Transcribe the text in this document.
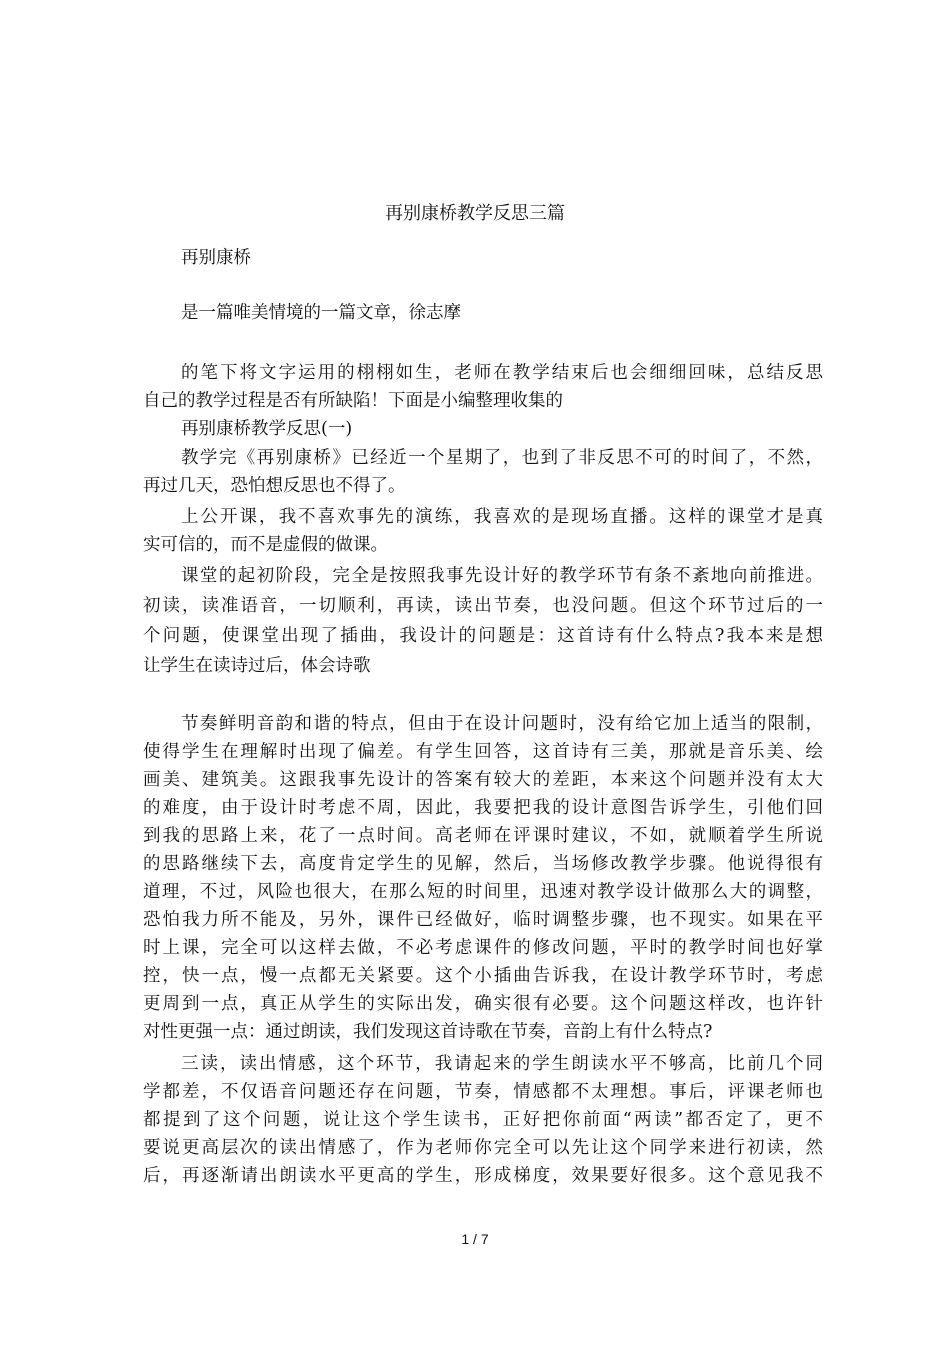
再别康桥教学反思三篇
再别康桥
是一篇唯美情境的一篇文章，徐志摩
的笔下将文字运用的栩栩如生，老师在教学结束后也会细细回味，总结反思
自己的教学过程是否有所缺陷！下面是小编整理收集的
再别康桥教学反思(一)
教学完《再别康桥》已经近一个星期了，也到了非反思不可的时间了，不然，
再过几天，恐怕想反思也不得了。
上公开课，我不喜欢事先的演练，我喜欢的是现场直播。这样的课堂才是真
实可信的，而不是虚假的做课。
课堂的起初阶段，完全是按照我事先设计好的教学环节有条不紊地向前推进。
初读，读准语音，一切顺利，再读，读出节奏，也没问题。但这个环节过后的一
个问题，使课堂出现了插曲，我设计的问题是：这首诗有什么特点?我本来是想
让学生在读诗过后，体会诗歌
节奏鲜明音韵和谐的特点，但由于在设计问题时，没有给它加上适当的限制，
使得学生在理解时出现了偏差。有学生回答，这首诗有三美，那就是音乐美、绘
画美、建筑美。这跟我事先设计的答案有较大的差距，本来这个问题并没有太大
的难度，由于设计时考虑不周，因此，我要把我的设计意图告诉学生，引他们回
到我的思路上来，花了一点时间。高老师在评课时建议，不如，就顺着学生所说
的思路继续下去，高度肯定学生的见解，然后，当场修改教学步骤。他说得很有
道理，不过，风险也很大，在那么短的时间里，迅速对教学设计做那么大的调整，
恐怕我力所不能及，另外，课件已经做好，临时调整步骤，也不现实。如果在平
时上课，完全可以这样去做，不必考虑课件的修改问题，平时的教学时间也好掌
控，快一点，慢一点都无关紧要。这个小插曲告诉我，在设计教学环节时，考虑
更周到一点，真正从学生的实际出发，确实很有必要。这个问题这样改，也许针
对性更强一点：通过朗读，我们发现这首诗歌在节奏，音韵上有什么特点?
三读，读出情感，这个环节，我请起来的学生朗读水平不够高，比前几个同
学都差，不仅语音问题还存在问题，节奏，情感都不太理想。事后，评课老师也
都提到了这个问题，说让这个学生读书，正好把你前面“两读”都否定了，更不
要说更高层次的读出情感了，作为老师你完全可以先让这个同学来进行初读，然
后，再逐渐请出朗读水平更高的学生，形成梯度，效果要好很多。这个意见我不
1 / 7
